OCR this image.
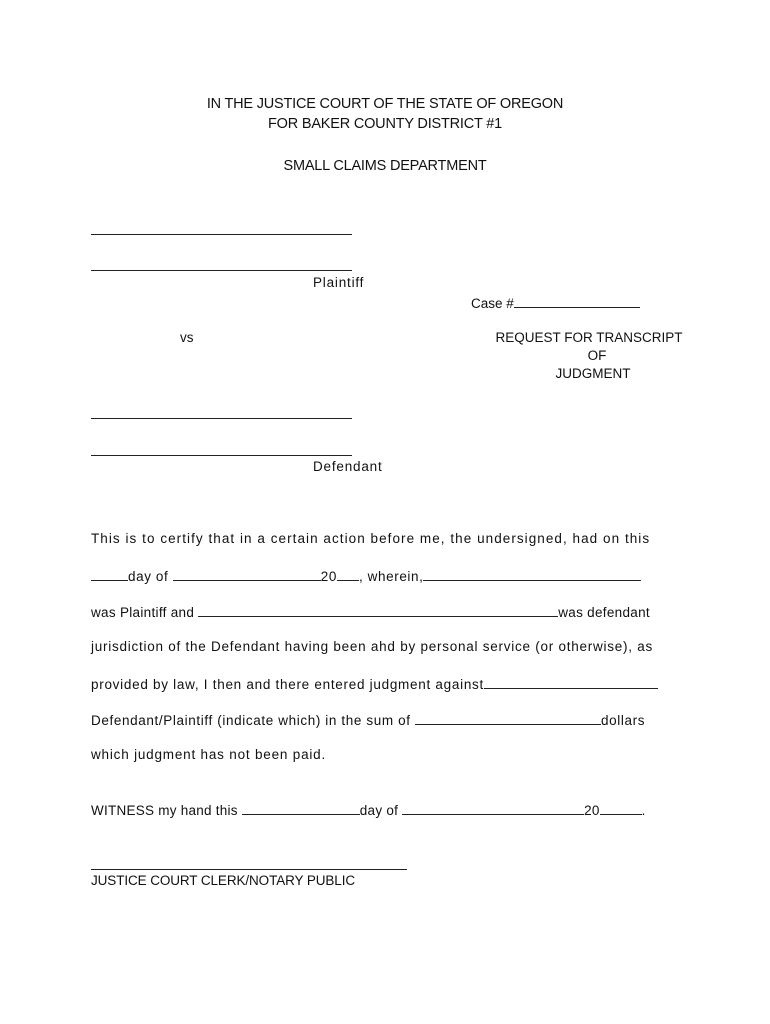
IN THE JUSTICE COURT OF THE STATE OF OREGON
FOR BAKER COUNTY DISTRICT #1
SMALL CLAIMS DEPARTMENT
Plaintiff
Case #
vs	REQUEST FOR TRANSCRIPT
OF
JUDGMENT
Defendant
This is to certify that in a certain action before me, the undersigned, had on this
day of	20 , wherein,
was Plaintiff and	was defendant
jurisdiction of the Defendant having been ahd by personal service (or otherwise), as
provided by law, I then and there entered judgment against
Defendant/Plaintiff (indicate which) in the sum of	dollars
which judgment has not been paid.
WITNESS my hand this	day of	20	.
JUSTICE COURT CLERK/NOTARY PUBLIC
